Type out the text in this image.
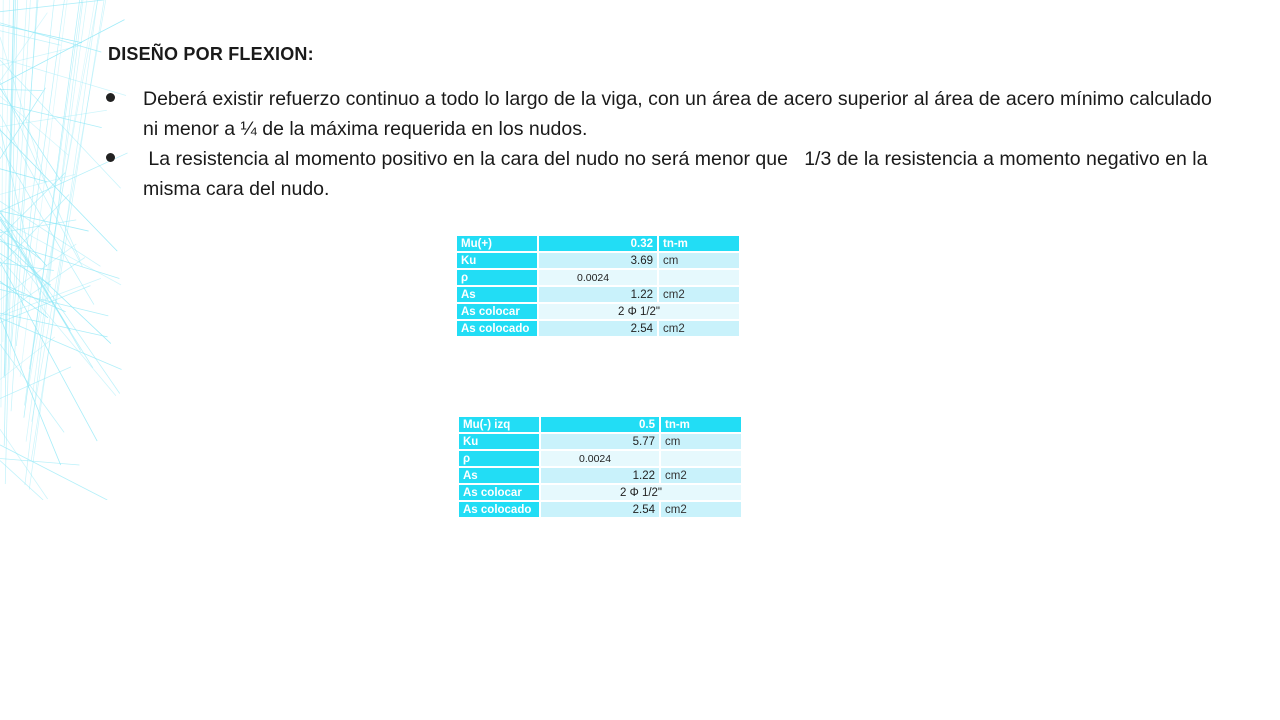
DISEÑO POR FLEXION:
Deberá existir refuerzo continuo a todo lo largo de la viga, con un área de acero superior al área de acero mínimo calculado ni menor a ¼ de la máxima requerida en los nudos.
La resistencia al momento positivo en la cara del nudo no será menor que   1/3 de la resistencia a momento negativo en la misma cara del nudo.
Mu(+)	0.32	tn-m
Ku	3.69	cm
ρ	0.0024	
As	1.22	cm2
As colocar	2 Φ 1/2"	
As colocado	2.54	cm2
Mu(-) izq	0.5	tn-m
Ku	5.77	cm
ρ	0.0024	
As	1.22	cm2
As colocar	2 Φ 1/2"	
As colocado	2.54	cm2
